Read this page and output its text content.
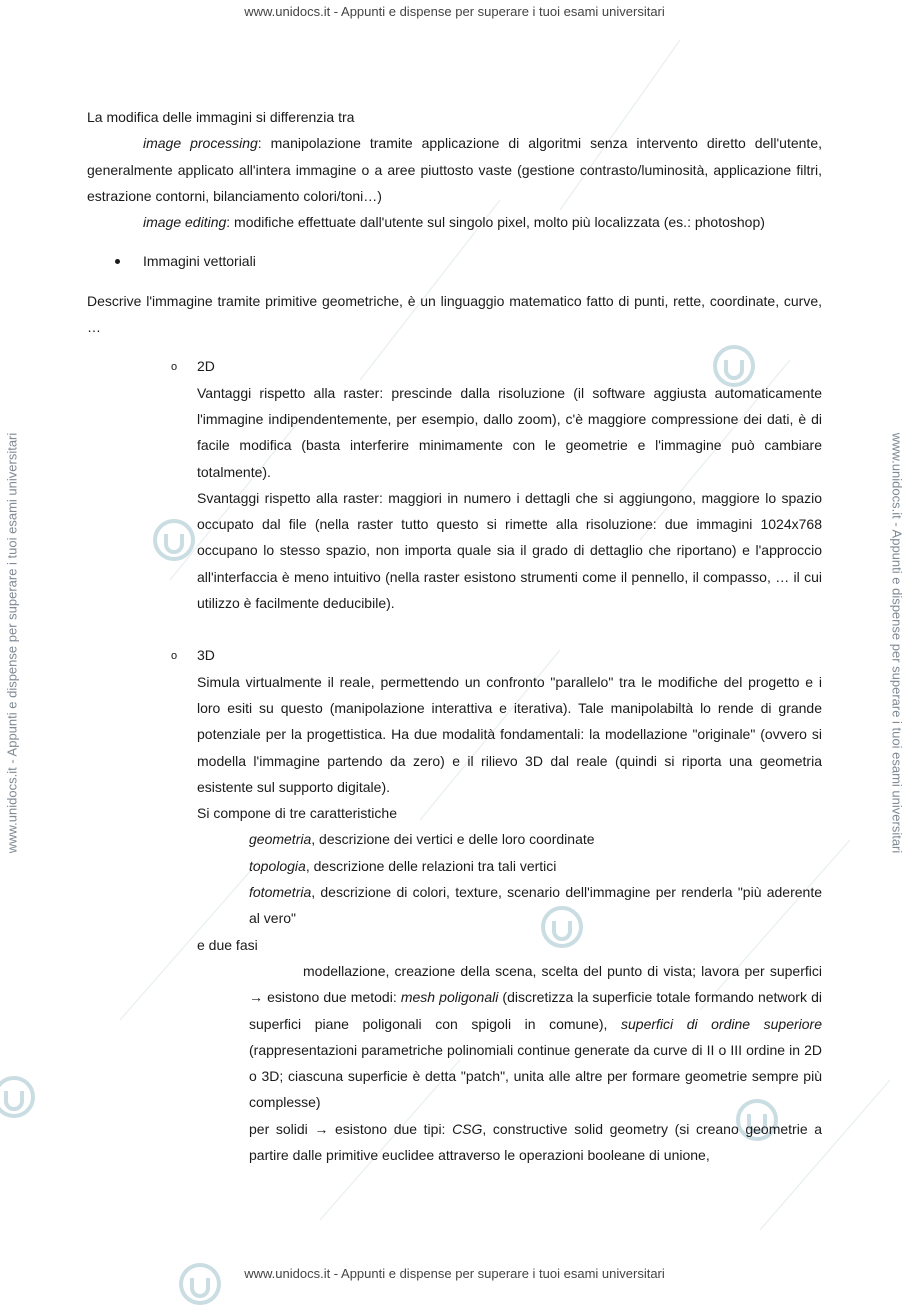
www.unidocs.it - Appunti e dispense per superare i tuoi esami universitari
www.unidocs.it - Appunti e dispense per superare i tuoi esami universitari
www.unidocs.it - Appunti e dispense per superare i tuoi esami universitari	www.unidocs.it - Appunti e dispense per superare i tuoi esami universitari

La modifica delle immagini si differenzia tra

image processing: manipolazione tramite applicazione di algoritmi senza intervento diretto dell'utente, generalmente applicato all'intera immagine o a aree piuttosto vaste (gestione contrasto/luminosità, applicazione filtri, estrazione contorni, bilanciamento colori/toni…)

image editing: modifiche effettuate dall'utente sul singolo pixel, molto più localizzata (es.: photoshop)

Immagini vettoriali

Descrive l'immagine tramite primitive geometriche, è un linguaggio matematico fatto di punti, rette, coordinate, curve, …

o 2D

Vantaggi rispetto alla raster: prescinde dalla risoluzione (il software aggiusta automaticamente l'immagine indipendentemente, per esempio, dallo zoom), c'è maggiore compressione dei dati, è di facile modifica (basta interferire minimamente con le geometrie e l'immagine può cambiare totalmente).

Svantaggi rispetto alla raster: maggiori in numero i dettagli che si aggiungono, maggiore lo spazio occupato dal file (nella raster tutto questo si rimette alla risoluzione: due immagini 1024x768 occupano lo stesso spazio, non importa quale sia il grado di dettaglio che riportano) e l'approccio all'interfaccia è meno intuitivo (nella raster esistono strumenti come il pennello, il compasso, … il cui utilizzo è facilmente deducibile).

o 3D

Simula virtualmente il reale, permettendo un confronto "parallelo" tra le modifiche del progetto e i loro esiti su questo (manipolazione interattiva e iterativa). Tale manipolabiltà lo rende di grande potenziale per la progettistica. Ha due modalità fondamentali: la modellazione "originale" (ovvero si modella l'immagine partendo da zero) e il rilievo 3D dal reale (quindi si riporta una geometria esistente sul supporto digitale).

Si compone di tre caratteristiche

geometria, descrizione dei vertici e delle loro coordinate

topologia, descrizione delle relazioni tra tali vertici

fotometria, descrizione di colori, texture, scenario dell'immagine per renderla "più aderente al vero"

e due fasi

modellazione, creazione della scena, scelta del punto di vista; lavora per superfici → esistono due metodi: mesh poligonali (discretizza la superficie totale formando network di superfici piane poligonali con spigoli in comune), superfici di ordine superiore (rappresentazioni parametriche polinomiali continue generate da curve di II o III ordine in 2D o 3D; ciascuna superficie è detta "patch", unita alle altre per formare geometrie sempre più complesse)

per solidi → esistono due tipi: CSG, constructive solid geometry (si creano geometrie a partire dalle primitive euclidee attraverso le operazioni booleane di unione,
